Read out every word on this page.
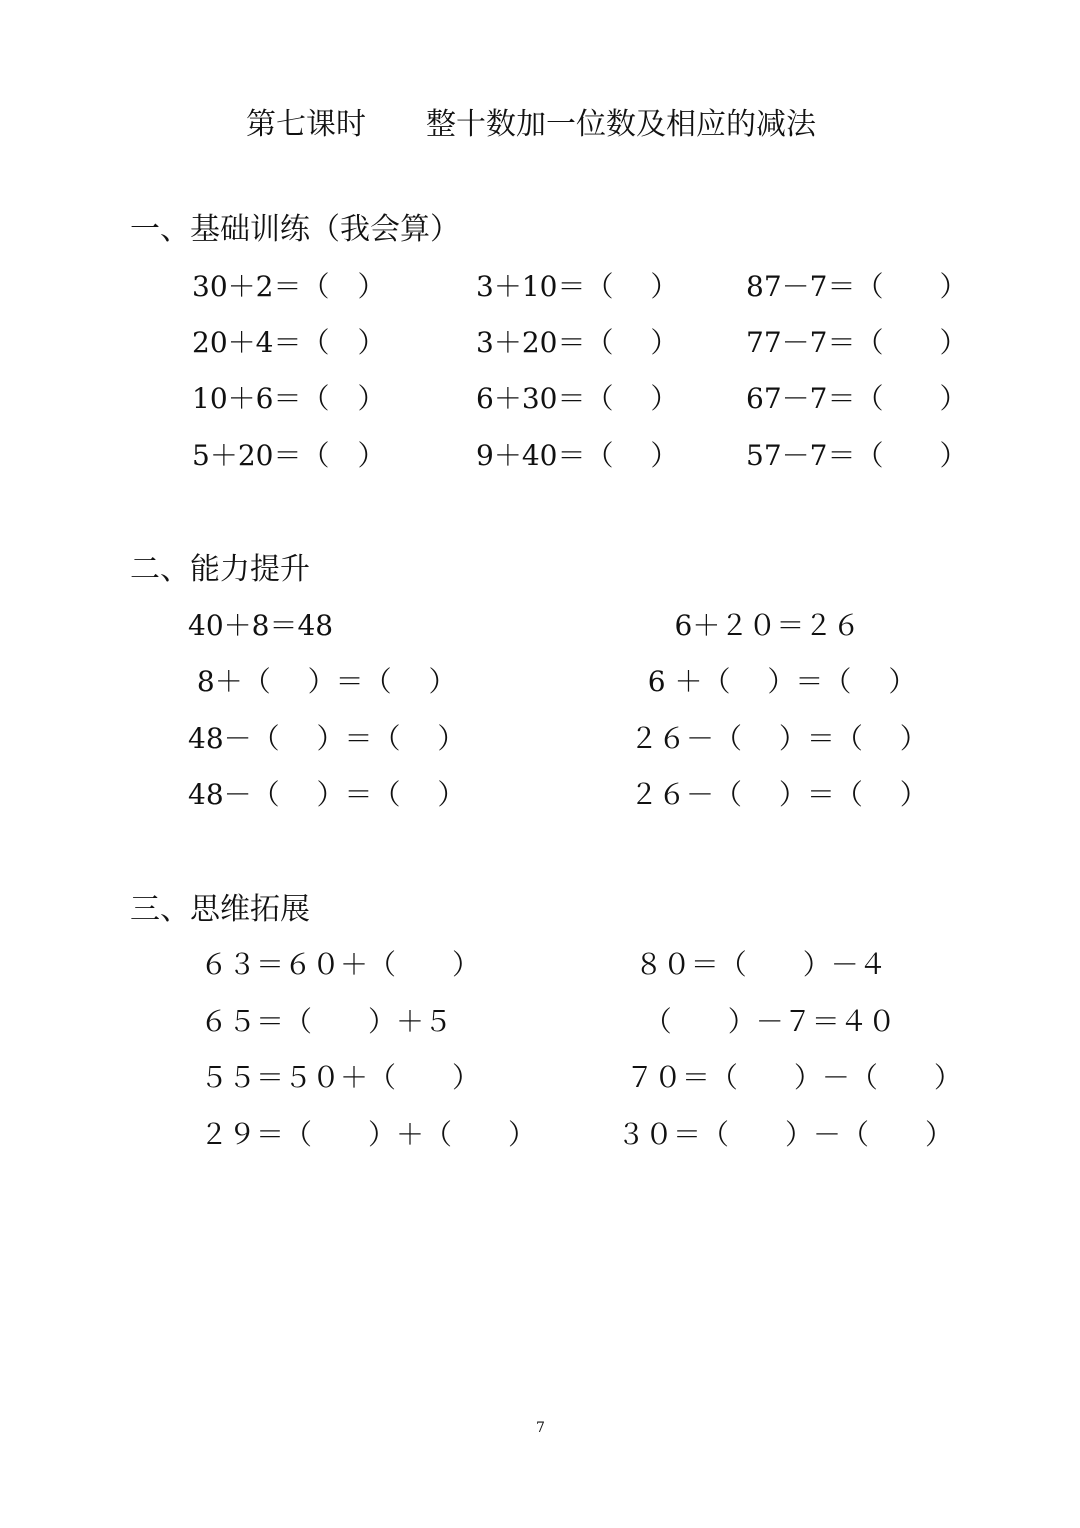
第七课时　　整十数加一位数及相应的减法
一、基础训练（我会算）
30＋2＝（　）	3＋10＝（　 ） 87－7＝（　　）
20＋4＝（　）	3＋20＝（　 ） 77－7＝（　　）
10＋6＝（　）	6＋30＝（　 ） 67－7＝（　　）
5＋20＝（　）	9＋40＝（　 ） 57－7＝（　　）
二、能力提升
40＋8＝48	6＋２０＝２６
8＋（　 ）＝（　 ）	6 ＋（　 ）＝（　 ）
48－（　 ）＝（　 ）	２６－（　 ）＝（　 ）
48－（　 ）＝（　 ）	２６－（　 ）＝（　 ）
三、思维拓展
６３＝６０＋（　　）	８０＝（　　）－４
６５＝（　　）＋５	（　　）－７＝４０
５５＝５０＋（　　）	７０＝（　　）－（　　）
２９＝（　　）＋（　　）	３０＝（　　）－（　　）
7
